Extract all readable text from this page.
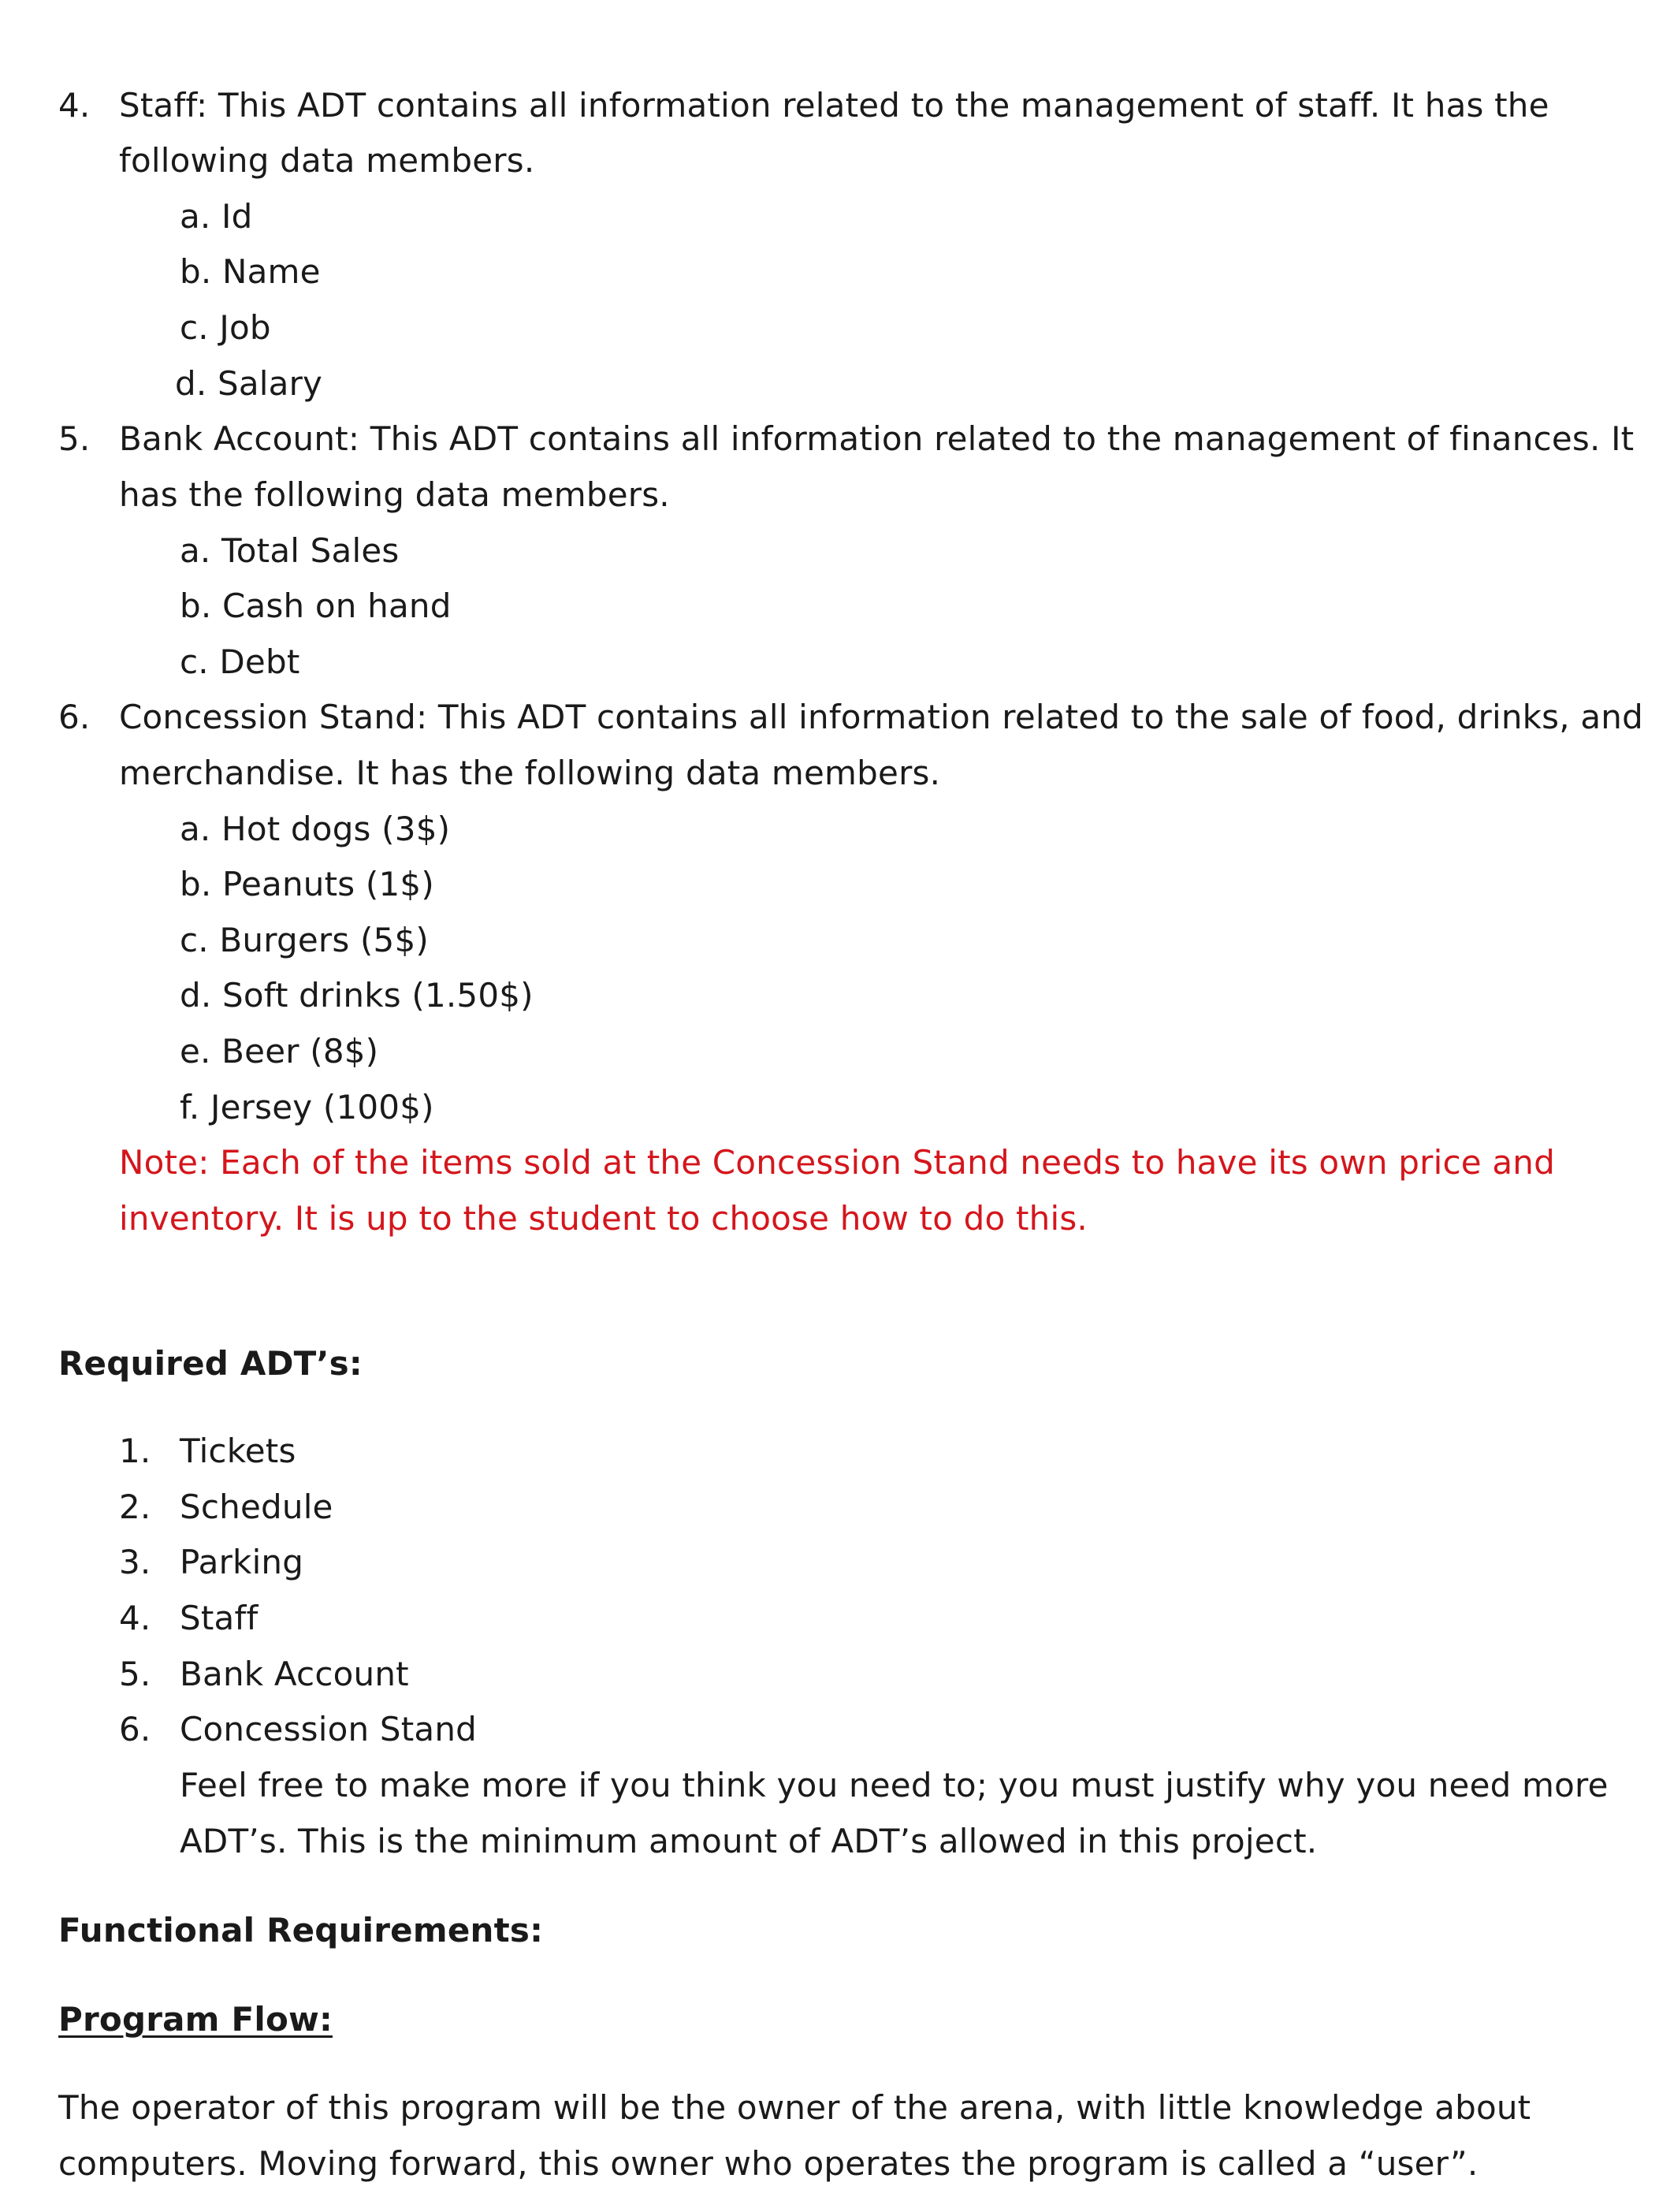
4. Staff: This ADT contains all information related to the management of staff. It has the
following data members.
a. Id
b. Name
c. Job
d. Salary
5. Bank Account: This ADT contains all information related to the management of finances. It
has the following data members.
a. Total Sales
b. Cash on hand
c. Debt
6. Concession Stand: This ADT contains all information related to the sale of food, drinks, and
merchandise. It has the following data members.
a. Hot dogs (3$)
b. Peanuts (1$)
c. Burgers (5$)
d. Soft drinks (1.50$)
e. Beer (8$)
f. Jersey (100$)
Note: Each of the items sold at the Concession Stand needs to have its own price and
inventory. It is up to the student to choose how to do this.
Required ADT’s:
1. Tickets
2. Schedule
3. Parking
4. Staff
5. Bank Account
6. Concession Stand
Feel free to make more if you think you need to; you must justify why you need more
ADT’s. This is the minimum amount of ADT’s allowed in this project.
Functional Requirements:
Program Flow:
The operator of this program will be the owner of the arena, with little knowledge about
computers. Moving forward, this owner who operates the program is called a “user”.
